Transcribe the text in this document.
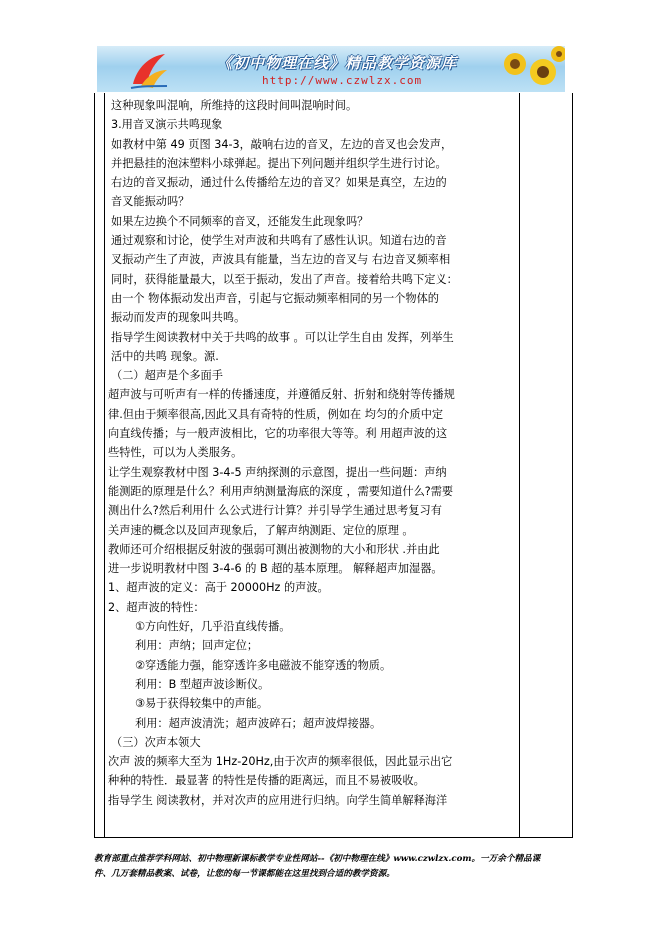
《初中物理在线》精品教学资源库
http://www.czwlzx.com
这种现象叫混响，所维持的这段时间叫混响时间。
3.用音叉演示共鸣现象
如教材中第 49 页图 34-3，敲响右边的音叉，左边的音叉也会发声，
并把悬挂的泡沫塑料小球弹起。提出下列问题并组织学生进行讨论。
右边的音叉振动，通过什么传播给左边的音叉？如果是真空，左边的
音叉能振动吗？
如果左边换个不同频率的音叉，还能发生此现象吗？
通过观察和讨论，使学生对声波和共鸣有了感性认识。知道右边的音
叉振动产生了声波，声波具有能量，当左边的音叉与 右边音叉频率相
同时，获得能量最大，以至于振动，发出了声音。接着给共鸣下定义：
由一个 物体振动发出声音，引起与它振动频率相同的另一个物体的
振动而发声的现象叫共鸣。
指导学生阅读教材中关于共鸣的故事 。可以让学生自由 发挥，列举生
活中的共鸣 现象。源.
（二）超声是个多面手
超声波与可听声有一样的传播速度，并遵循反射、折射和绕射等传播规
律.但由于频率很高,因此又具有奇特的性质，例如在 均匀的介质中定
向直线传播；与一般声波相比，它的功率很大等等。利 用超声波的这
些特性，可以为人类服务。
让学生观察教材中图 3-4-5 声纳探测的示意图，提出一些问题：声纳
能测距的原理是什么？利用声纳测量海底的深度 ，需要知道什么?需要
测出什么?然后利用什 么公式进行计算？并引导学生通过思考复习有
关声速的概念以及回声现象后，了解声纳测距、定位的原理 。
教师还可介绍根据反射波的强弱可测出被测物的大小和形状 .并由此
进一步说明教材中图 3-4-6 的 B 超的基本原理。 解释超声加湿器。
1、超声波的定义：高于 20000Hz 的声波。
2、超声波的特性：
①方向性好，几乎沿直线传播。
利用：声纳；回声定位；
②穿透能力强，能穿透许多电磁波不能穿透的物质。
利用：B 型超声波诊断仪。
③易于获得较集中的声能。
利用：超声波清洗；超声波碎石；超声波焊接器。
（三）次声本领大
次声 波的频率大至为 1Hz-20Hz,由于次声的频率很低，因此显示出它
种种的特性．最显著 的特性是传播的距离远，而且不易被吸收。
指导学生 阅读教材，并对次声的应用进行归纳。向学生简单解释海洋
教育部重点推荐学科网站、初中物理新课标教学专业性网站--《初中物理在线》www.czwlzx.com。一万余个精品课
件、几万套精品教案、试卷，让您的每一节课都能在这里找到合适的教学资源。
